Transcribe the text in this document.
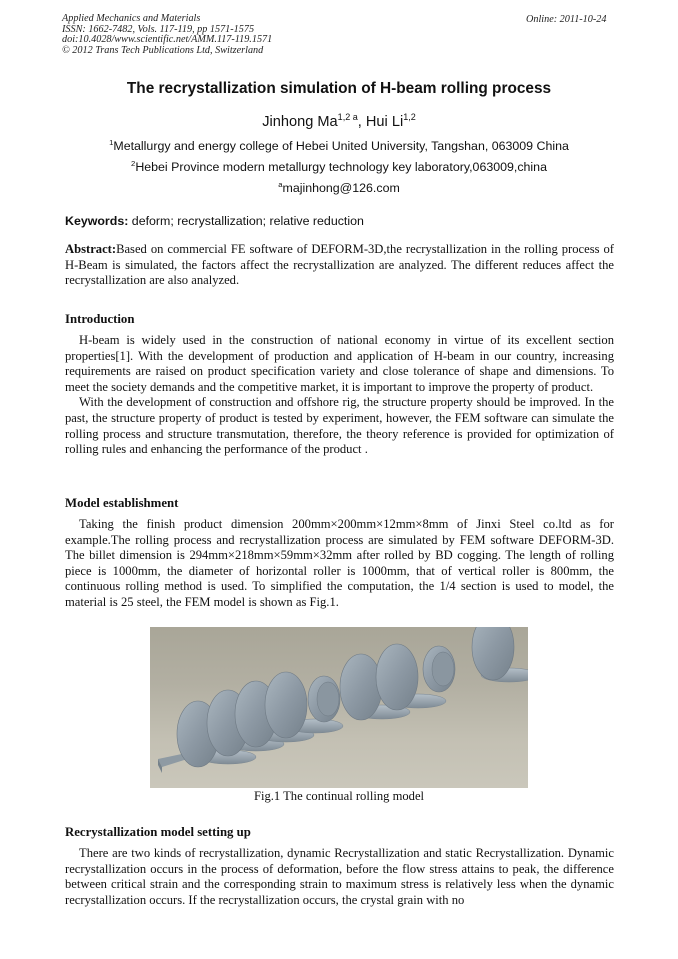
Applied Mechanics and Materials
ISSN: 1662-7482, Vols. 117-119, pp 1571-1575
doi:10.4028/www.scientific.net/AMM.117-119.1571
© 2012 Trans Tech Publications Ltd, Switzerland
Online: 2011-10-24
The recrystallization simulation of H-beam rolling process
Jinhong $Ma^{1,2 a}$, Hui Li$^{1,2}$
$^1$Metallurgy and energy college of Hebei United University, Tangshan, 063009 China
$^2$Hebei Province modern metallurgy technology key laboratory,063009,china
$^a$majinhong@126.com
Keywords: deform; recrystallization; relative reduction

Abstract:Based on commercial FE software of DEFORM-3D,the recrystallization in the rolling process of H-Beam is simulated, the factors affect the recrystallization are analyzed. The different reduces affect the recrystallization are also analyzed.

Introduction

H-beam is widely used in the construction of national economy in virtue of its excellent section properties[1]. With the development of production and application of H-beam in our country, increasing requirements are raised on product specification variety and close tolerance of shape and dimensions. To meet the society demands and the competitive market, it is important to improve the property of product.

With the development of construction and offshore rig, the structure property should be improved. In the past, the structure property of product is tested by experiment, however, the FEM software can simulate the rolling process and structure transmutation, therefore, the theory reference is provided for optimization of rolling rules and enhancing the performance of the product .

Model establishment

Taking the finish product dimension 200mm×200mm×12mm×8mm of Jinxi Steel co.ltd as for example.The rolling process and recrystallization process are simulated by FEM software DEFORM-3D. The billet dimension is 294mm×218mm×59mm×32mm after rolled by BD cogging. The length of rolling piece is 1000mm, the diameter of horizontal roller is 1000mm, that of vertical roller is 800mm, the continuous rolling method is used. To simplified the computation, the 1/4 section is used to model, the material is 25 steel, the FEM model is shown as Fig.1.

Fig.1 The continual rolling model
Recrystallization model setting up

There are two kinds of recrystallization, dynamic Recrystallization and static Recrystallization. Dynamic recrystallization occurs in the process of deformation, before the flow stress attains to peak, the difference between critical strain and the corresponding strain to maximum stress is relatively less when the dynamic recrystallization occurs. If the recrystallization occurs, the crystal grain with no
